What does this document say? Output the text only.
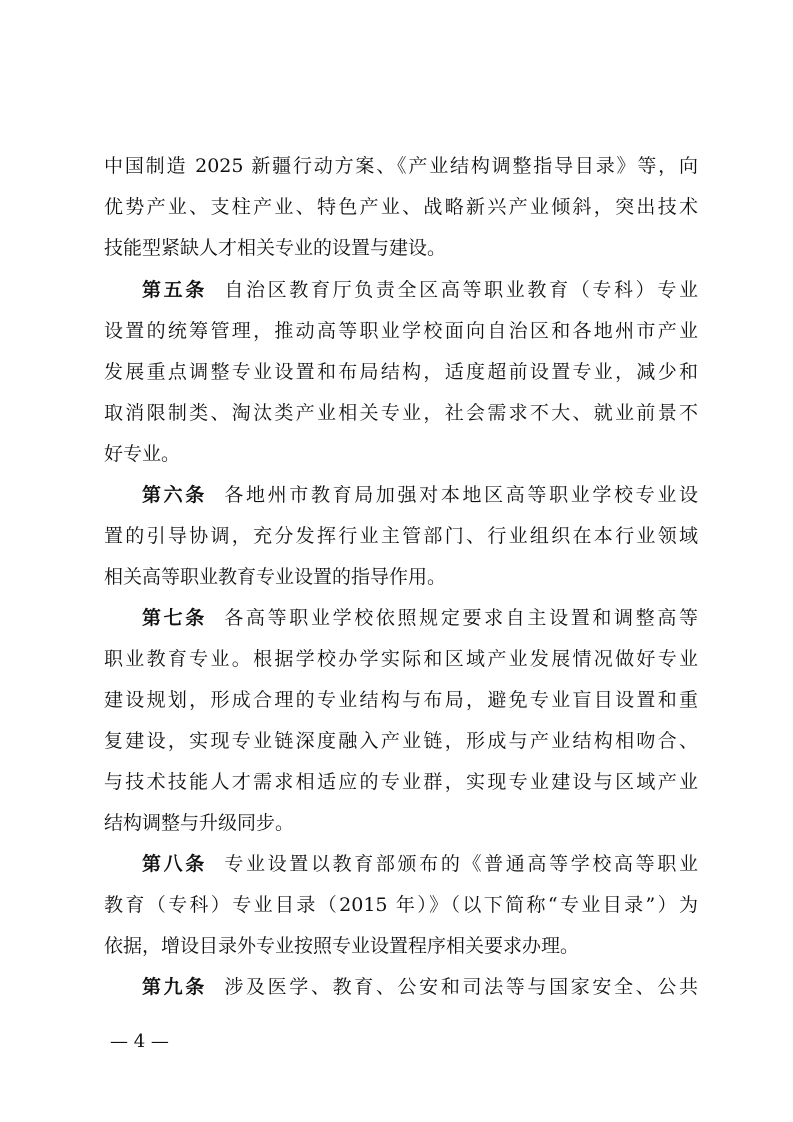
中国制造 2025 新疆行动方案、《产业结构调整指导目录》等，向
优势产业、支柱产业、特色产业、战略新兴产业倾斜，突出技术
技能型紧缺人才相关专业的设置与建设。
第五条 自治区教育厅负责全区高等职业教育（专科）专业
设置的统筹管理，推动高等职业学校面向自治区和各地州市产业
发展重点调整专业设置和布局结构，适度超前设置专业，减少和
取消限制类、淘汰类产业相关专业，社会需求不大、就业前景不
好专业。
第六条 各地州市教育局加强对本地区高等职业学校专业设
置的引导协调，充分发挥行业主管部门、行业组织在本行业领域
相关高等职业教育专业设置的指导作用。
第七条 各高等职业学校依照规定要求自主设置和调整高等
职业教育专业。根据学校办学实际和区域产业发展情况做好专业
建设规划，形成合理的专业结构与布局，避免专业盲目设置和重
复建设，实现专业链深度融入产业链，形成与产业结构相吻合、
与技术技能人才需求相适应的专业群，实现专业建设与区域产业
结构调整与升级同步。
第八条 专业设置以教育部颁布的《普通高等学校高等职业
教育（专科）专业目录（2015 年）》（以下简称“专业目录”）为
依据，增设目录外专业按照专业设置程序相关要求办理。
第九条 涉及医学、教育、公安和司法等与国家安全、公共
— 4 —
